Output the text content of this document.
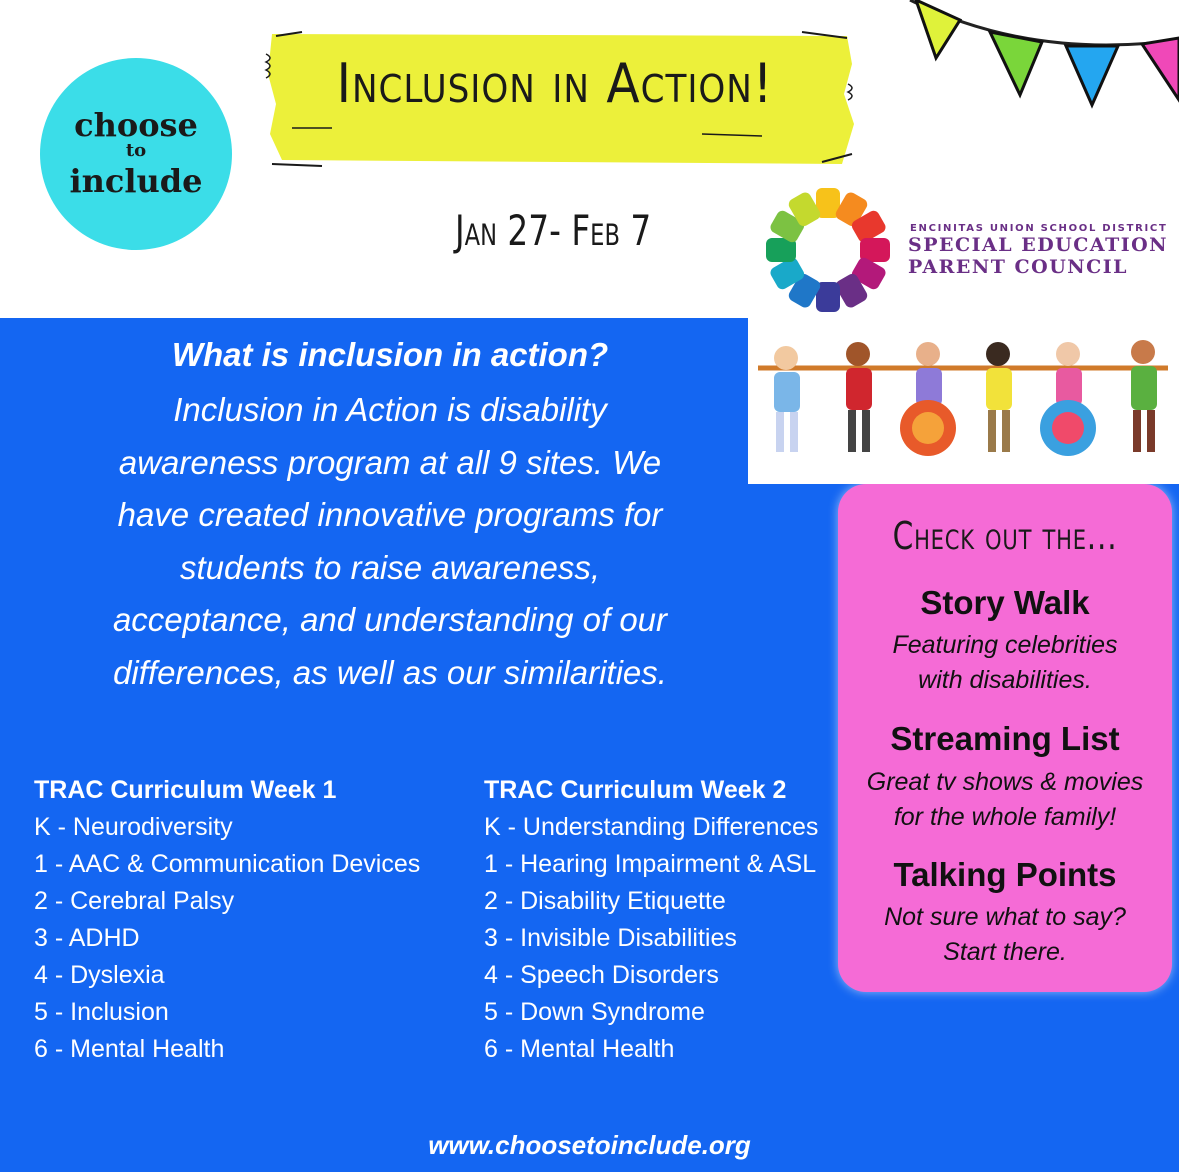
choose
to
include
Inclusion in Action!
Jan 27- Feb 7	ENCINITAS UNION SCHOOL DISTRICT
SPECIAL EDUCATION
PARENT COUNCIL
What is inclusion in action?
Inclusion in Action is disability
awareness program at all 9 sites. We
have created innovative programs for
students to raise awareness,
acceptance, and understanding of our
differences, as well as our similarities.
Check out the...
Story Walk
Featuring celebrities
with disabilities.
Streaming List
Great tv shows & movies
for the whole family!
Talking Points
Not sure what to say?
Start there.
TRAC Curriculum Week 1
K - Neurodiversity
1 - AAC & Communication Devices
2 - Cerebral Palsy
3 - ADHD
4 - Dyslexia
5 - Inclusion
6 - Mental Health
TRAC Curriculum Week 2
K - Understanding Differences
1 - Hearing Impairment & ASL
2 - Disability Etiquette
3 - Invisible Disabilities
4 - Speech Disorders
5 - Down Syndrome
6 - Mental Health
www.choosetoinclude.org
